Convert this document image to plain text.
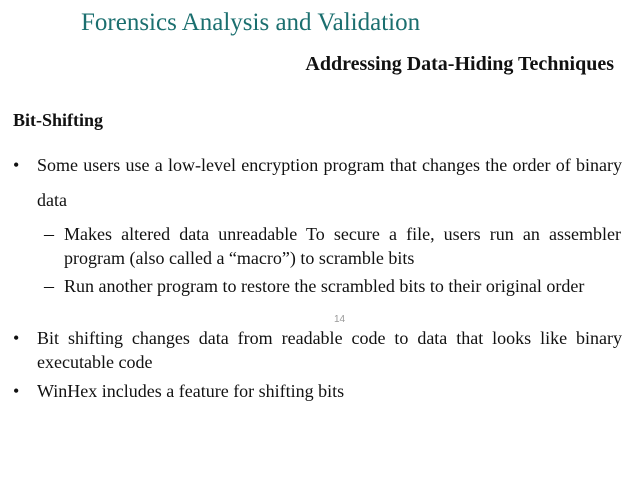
Forensics Analysis and Validation
Addressing Data-Hiding Techniques
Bit-Shifting
• Some users use a low-level encryption program that changes the order of binary data
– Makes altered data unreadable To secure a file, users run an assembler program (also called a “macro”) to scramble bits
– Run another program to restore the scrambled bits to their original order
• Bit shifting changes data from readable code to data that looks like binary executable code
• WinHex includes a feature for shifting bits
14
